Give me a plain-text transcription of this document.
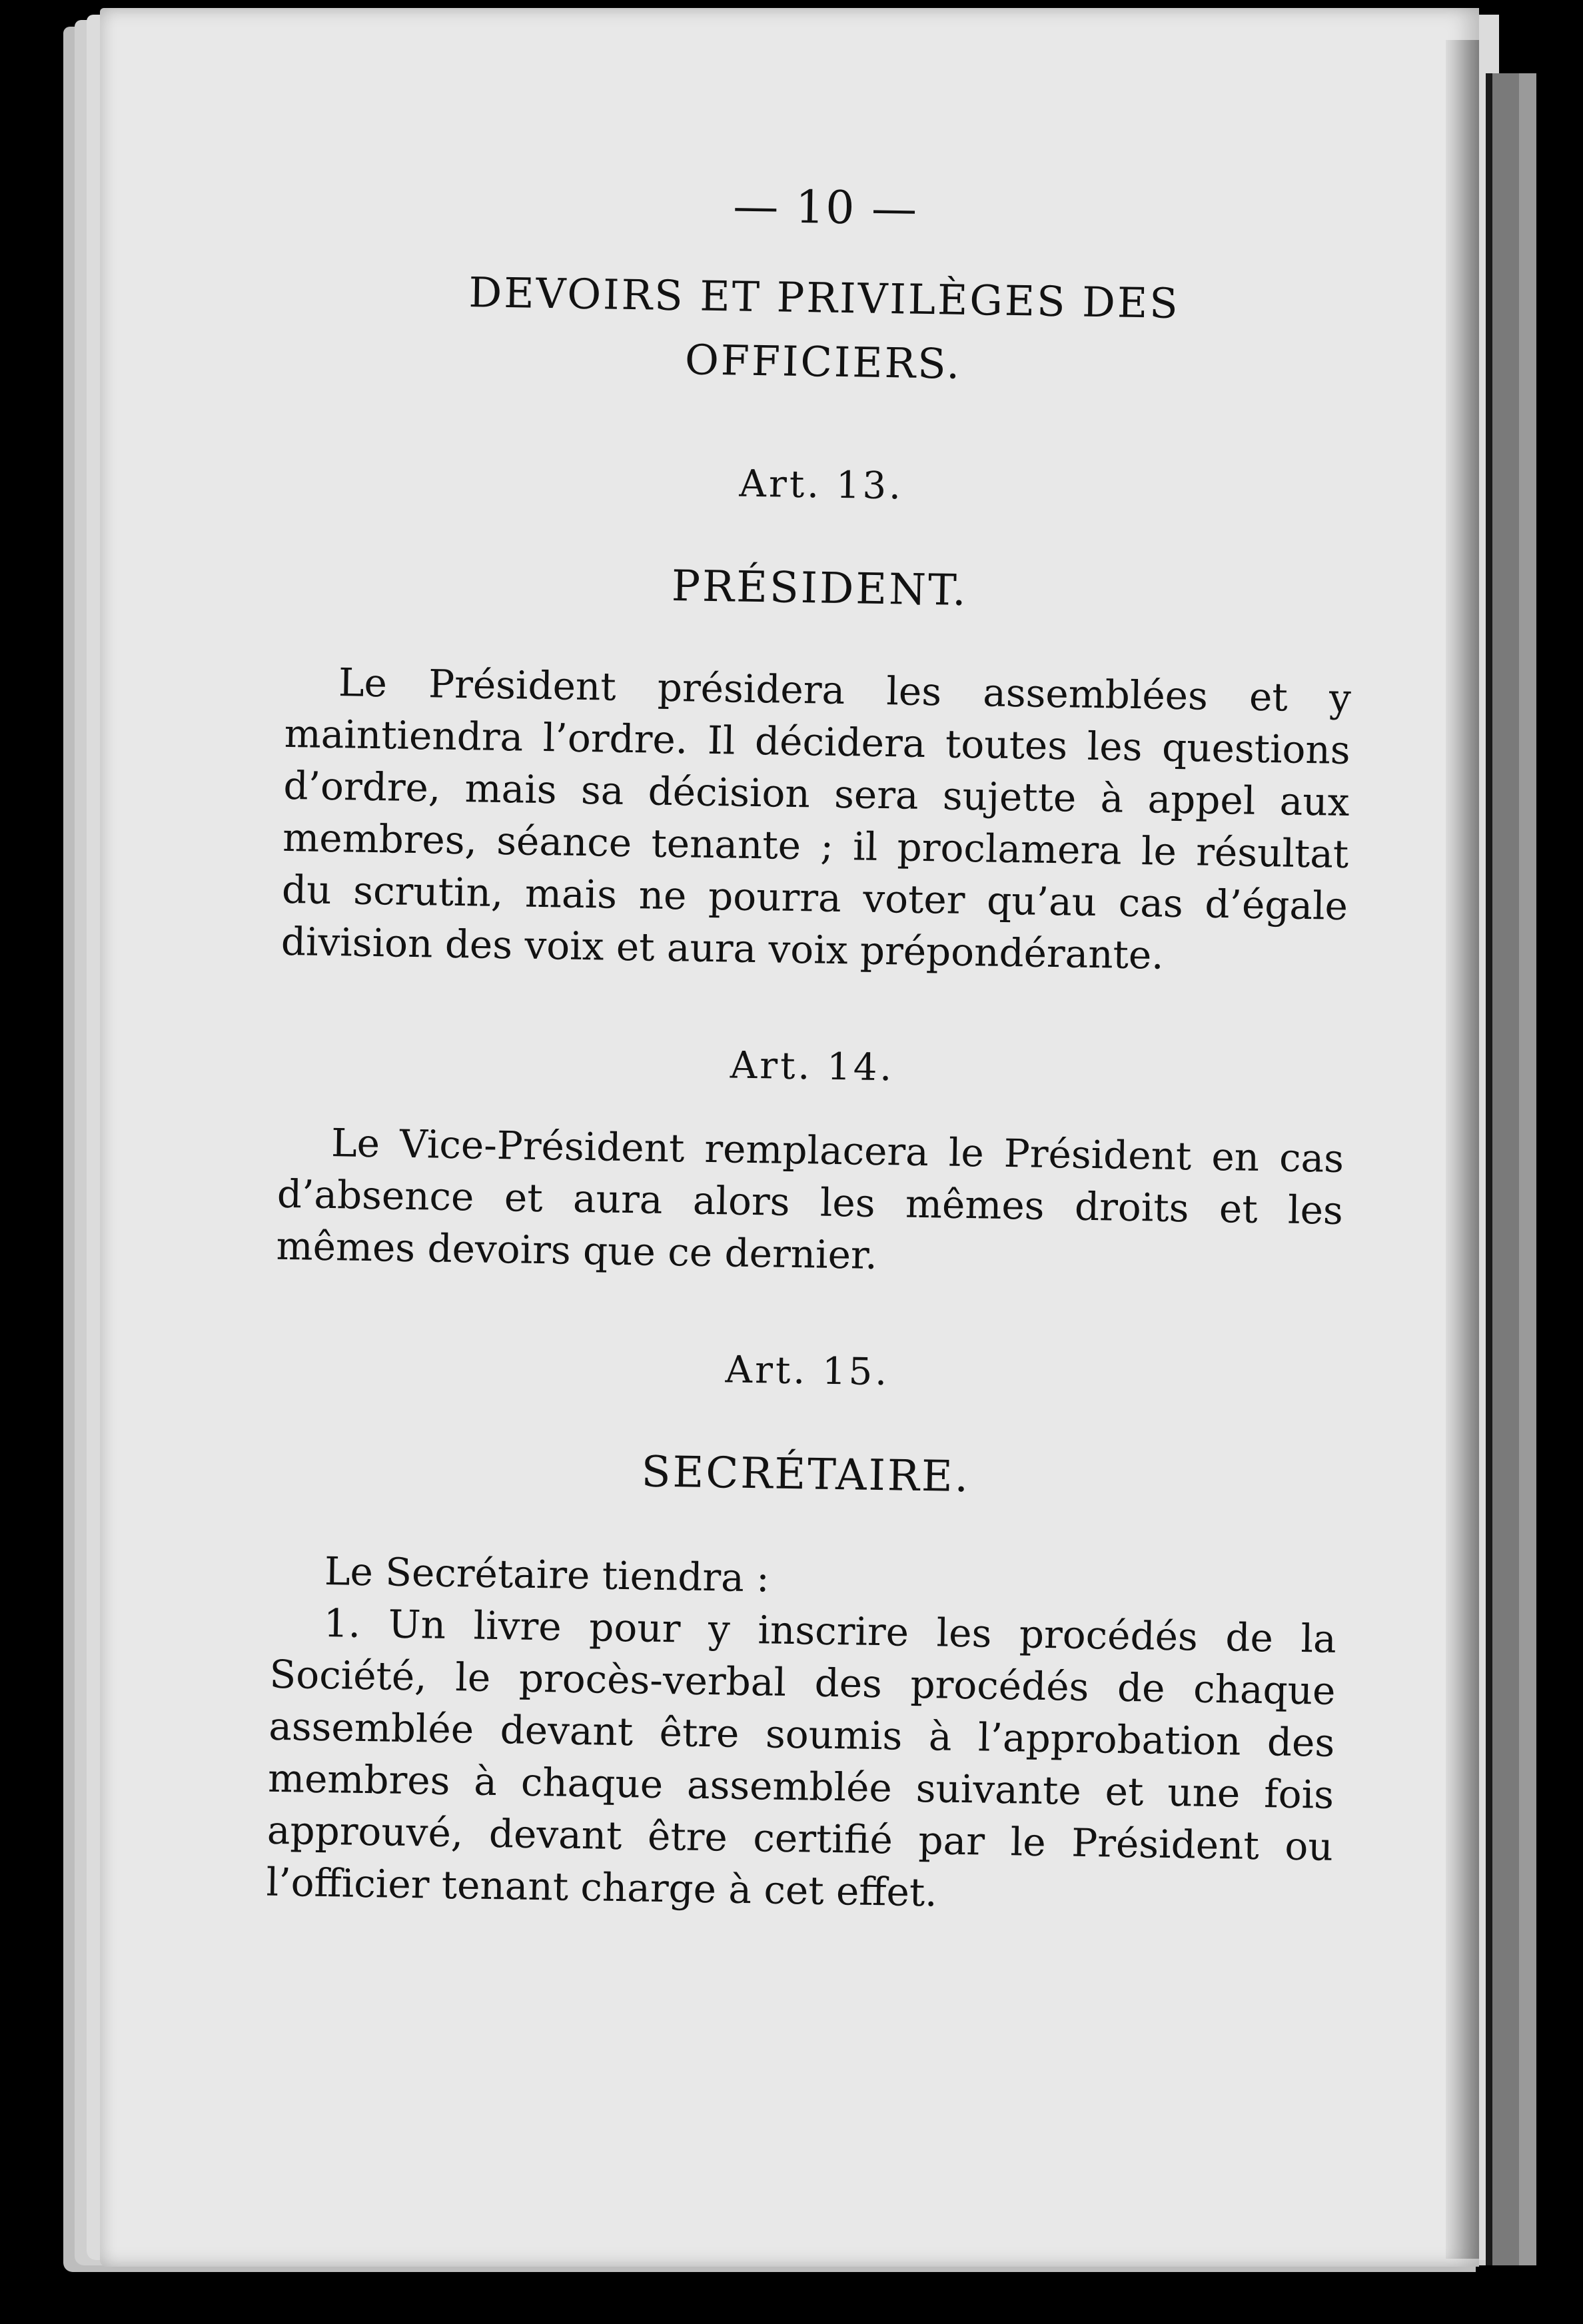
— 10 —
DEVOIRS ET PRIVILÈGES DES
OFFICIERS.
Art. 13.
PRÉSIDENT.

Le Président présidera les assemblées et y maintiendra l’ordre. Il décidera toutes les questions d’ordre, mais sa décision sera sujette à appel aux membres, séance tenante ; il proclamera le résultat du scrutin, mais ne pourra voter qu’au cas d’égale division des voix et aura voix prépondérante.

Art. 14.

Le Vice-Président remplacera le Président en cas d’absence et aura alors les mêmes droits et les mêmes devoirs que ce dernier.

Art. 15.
SECRÉTAIRE.

Le Secrétaire tiendra :

1. Un livre pour y inscrire les procédés de la Société, le procès-verbal des procédés de chaque assemblée devant être soumis à l’approbation des membres à chaque assemblée suivante et une fois approuvé, devant être certifié par le Président ou l’officier tenant charge à cet effet.
